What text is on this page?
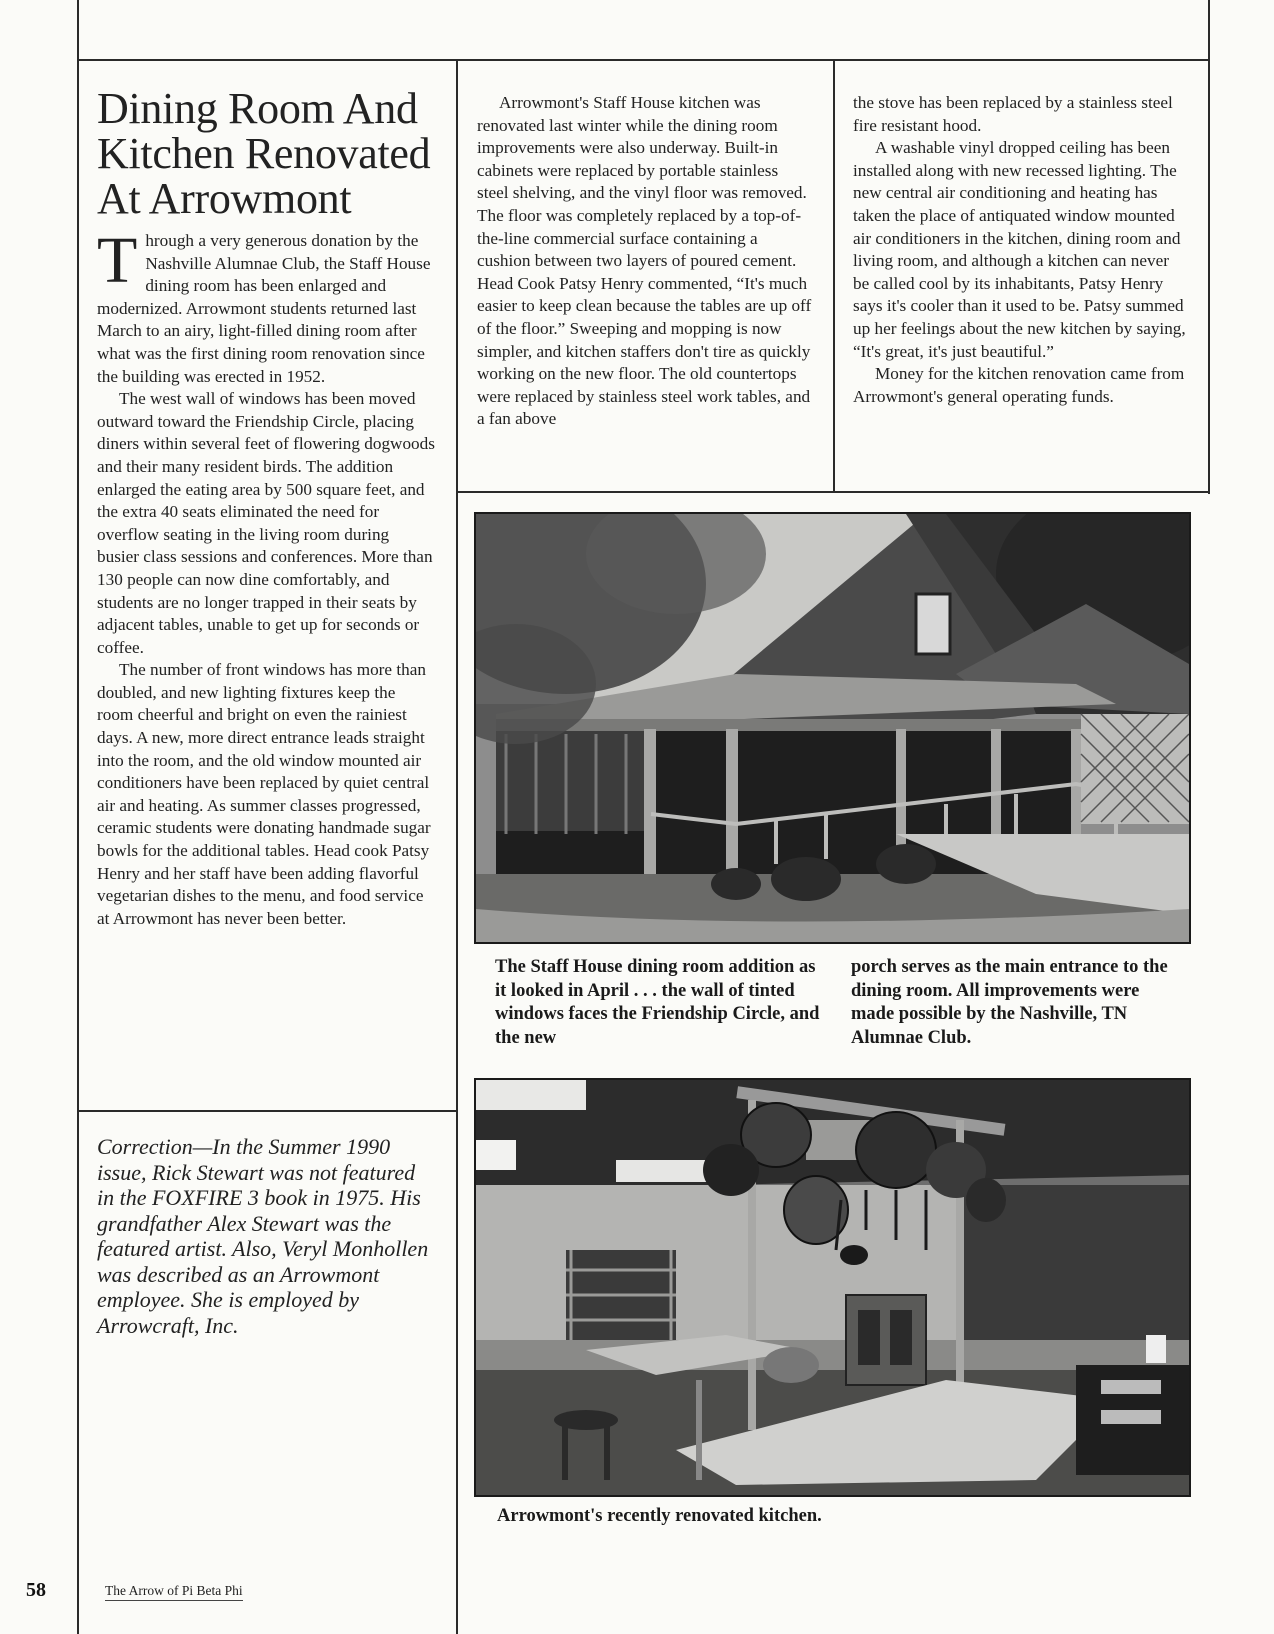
Dining Room And Kitchen Renovated At Arrowmont

Through a very generous donation by the Nashville Alumnae Club, the Staff House dining room has been enlarged and modernized. Arrowmont students returned last March to an airy, light-filled dining room after what was the first dining room renovation since the building was erected in 1952.

The west wall of windows has been moved outward toward the Friendship Circle, placing diners within several feet of flowering dogwoods and their many resident birds. The addition enlarged the eating area by 500 square feet, and the extra 40 seats eliminated the need for overflow seating in the living room during busier class sessions and conferences. More than 130 people can now dine comfortably, and students are no longer trapped in their seats by adjacent tables, unable to get up for seconds or coffee.

The number of front windows has more than doubled, and new lighting fixtures keep the room cheerful and bright on even the rainiest days. A new, more direct entrance leads straight into the room, and the old window mounted air conditioners have been replaced by quiet central air and heating. As summer classes progressed, ceramic students were donating handmade sugar bowls for the additional tables. Head cook Patsy Henry and her staff have been adding flavorful vegetarian dishes to the menu, and food service at Arrowmont has never been better.

Arrowmont's Staff House kitchen was renovated last winter while the dining room improvements were also underway. Built-in cabinets were replaced by portable stainless steel shelving, and the vinyl floor was removed. The floor was completely replaced by a top-of-the-line commercial surface containing a cushion between two layers of poured cement. Head Cook Patsy Henry commented, “It's much easier to keep clean because the tables are up off of the floor.” Sweeping and mopping is now simpler, and kitchen staffers don't tire as quickly working on the new floor. The old countertops were replaced by stainless steel work tables, and a fan above

the stove has been replaced by a stainless steel fire resistant hood.

A washable vinyl dropped ceiling has been installed along with new recessed lighting. The new central air conditioning and heating has taken the place of antiquated window mounted air conditioners in the kitchen, dining room and living room, and although a kitchen can never be called cool by its inhabitants, Patsy Henry says it's cooler than it used to be. Patsy summed up her feelings about the new kitchen by saying, “It's great, it's just beautiful.”

Money for the kitchen renovation came from Arrowmont's general operating funds.

Correction—In the Summer 1990 issue, Rick Stewart was not featured in the FOXFIRE 3 book in 1975. His grandfather Alex Stewart was the featured artist. Also, Veryl Monhollen was described as an Arrowmont employee. She is employed by Arrowcraft, Inc.

The Staff House dining room addition as it looked in April . . . the wall of tinted windows faces the Friendship Circle, and the new

porch serves as the main entrance to the dining room. All improvements were made possible by the Nashville, TN Alumnae Club.

Arrowmont's recently renovated kitchen.

58	The Arrow of Pi Beta Phi
